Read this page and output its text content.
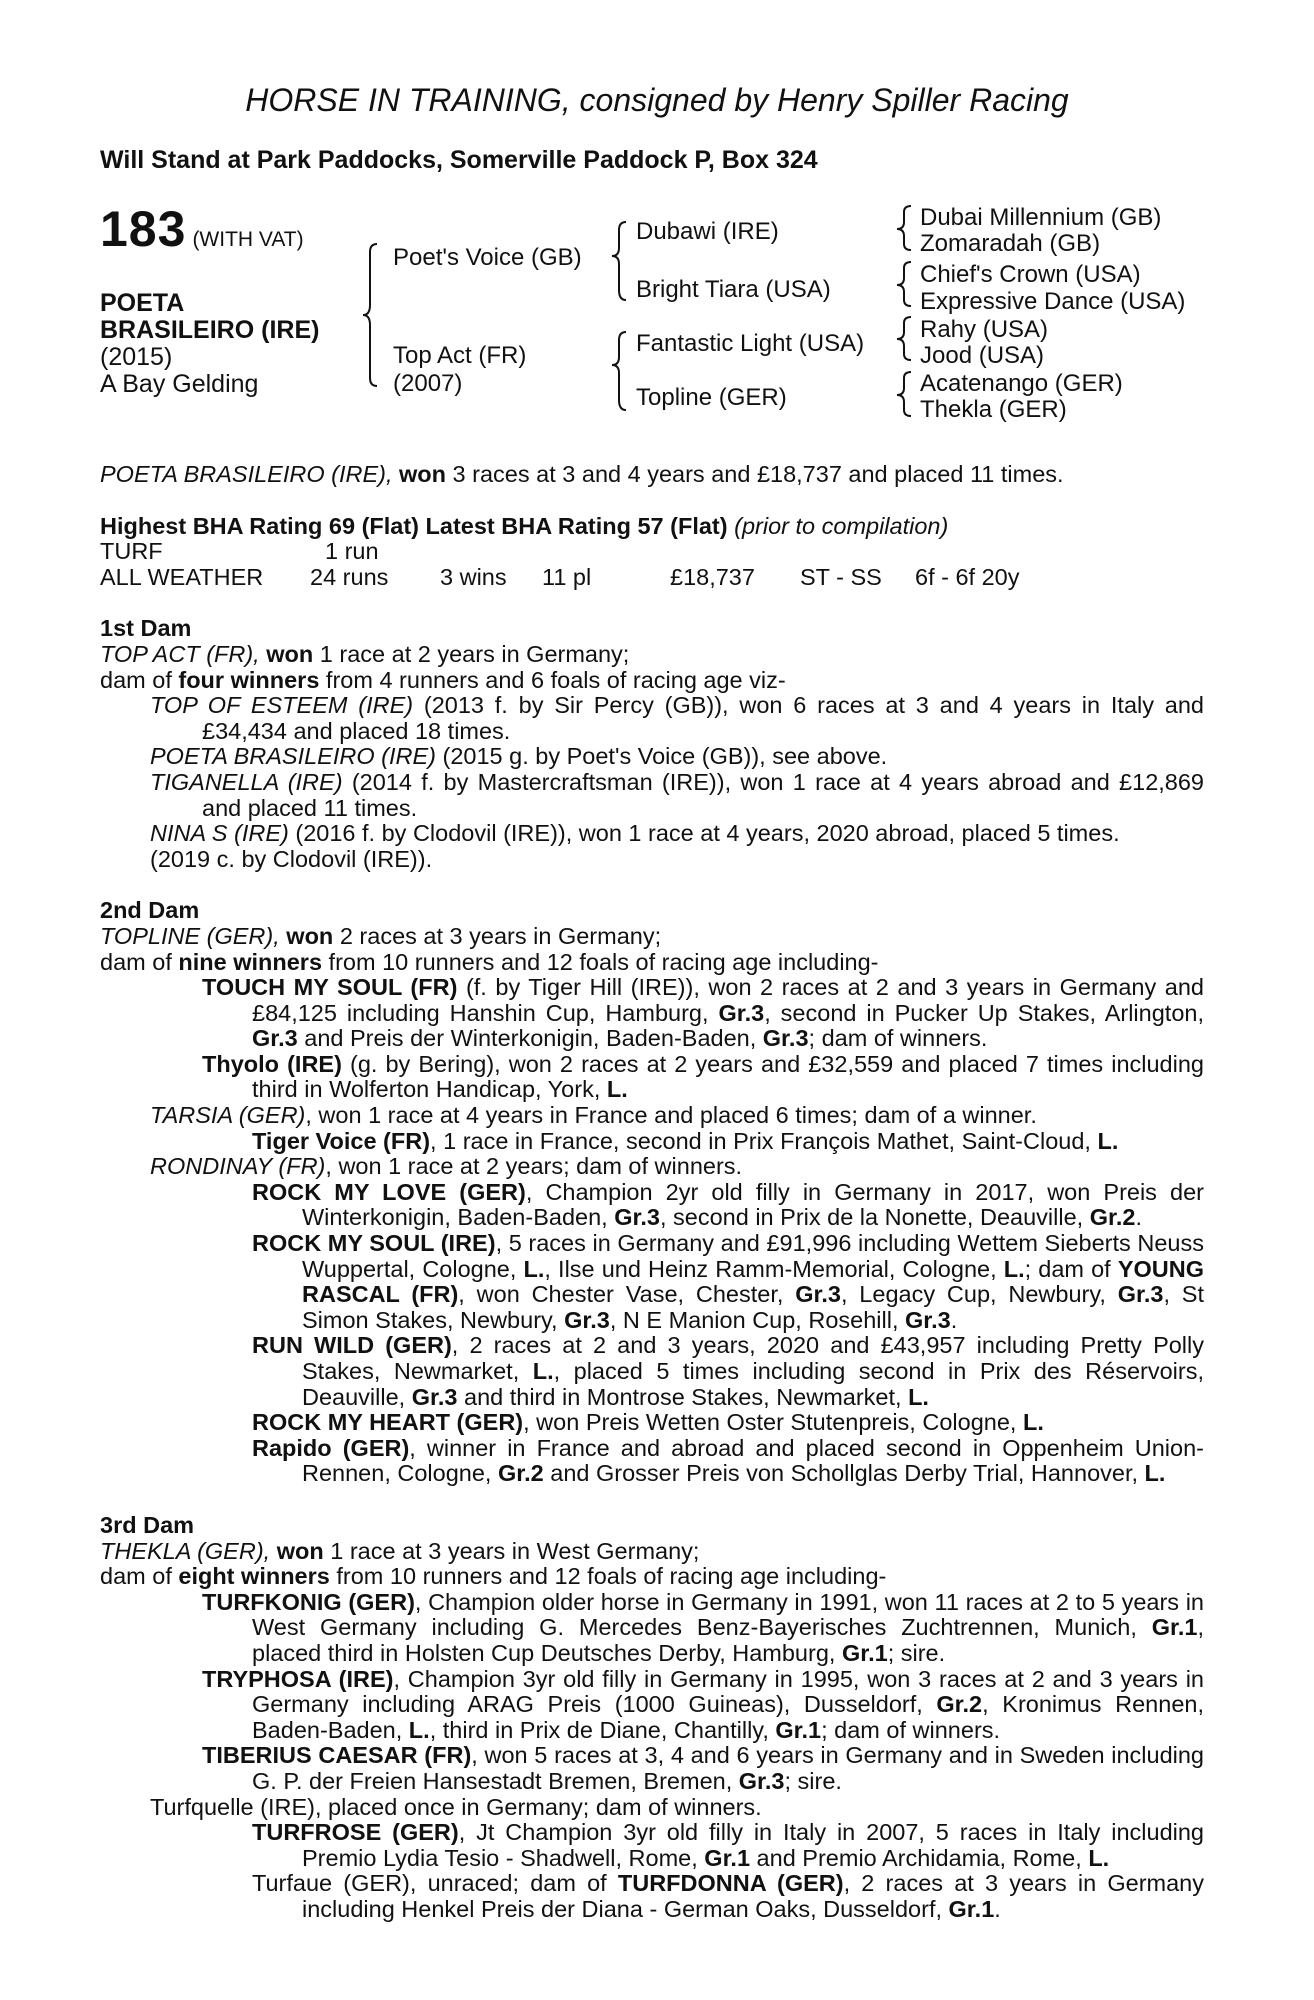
HORSE IN TRAINING, consigned by Henry Spiller Racing
Will Stand at Park Paddocks, Somerville Paddock P, Box 324
183 (WITH VAT)
POETA
BRASILEIRO (IRE)
(2015)
A Bay Gelding
Poet's Voice (GB)
Top Act (FR)
(2007)
Dubawi (IRE)
Bright Tiara (USA)
Fantastic Light (USA)
Topline (GER)
Dubai Millennium (GB)
Zomaradah (GB)
Chief's Crown (USA)
Expressive Dance (USA)
Rahy (USA)
Jood (USA)
Acatenango (GER)
Thekla (GER)

POETA BRASILEIRO (IRE), won 3 races at 3 and 4 years and £18,737 and placed 11 times.

Highest BHA Rating 69 (Flat) Latest BHA Rating 57 (Flat) (prior to compilation)

TURF	1 run
ALL WEATHER 24 runs 3 wins 11 pl	£18,737 ST - SS 6f - 6f 20y

1st Dam

TOP ACT (FR), won 1 race at 2 years in Germany;

dam of four winners from 4 runners and 6 foals of racing age viz-

TOP OF ESTEEM (IRE) (2013 f. by Sir Percy (GB)), won 6 races at 3 and 4 years in Italy and £34,434 and placed 18 times.

POETA BRASILEIRO (IRE) (2015 g. by Poet's Voice (GB)), see above.

TIGANELLA (IRE) (2014 f. by Mastercraftsman (IRE)), won 1 race at 4 years abroad and £12,869 and placed 11 times.

NINA S (IRE) (2016 f. by Clodovil (IRE)), won 1 race at 4 years, 2020 abroad, placed 5 times.

(2019 c. by Clodovil (IRE)).

2nd Dam

TOPLINE (GER), won 2 races at 3 years in Germany;

dam of nine winners from 10 runners and 12 foals of racing age including-

TOUCH MY SOUL (FR) (f. by Tiger Hill (IRE)), won 2 races at 2 and 3 years in Germany and £84,125 including Hanshin Cup, Hamburg, Gr.3, second in Pucker Up Stakes, Arlington, Gr.3 and Preis der Winterkonigin, Baden-Baden, Gr.3; dam of winners.

Thyolo (IRE) (g. by Bering), won 2 races at 2 years and £32,559 and placed 7 times including third in Wolferton Handicap, York, L.

TARSIA (GER), won 1 race at 4 years in France and placed 6 times; dam of a winner.

Tiger Voice (FR), 1 race in France, second in Prix François Mathet, Saint-Cloud, L.

RONDINAY (FR), won 1 race at 2 years; dam of winners.

ROCK MY LOVE (GER), Champion 2yr old filly in Germany in 2017, won Preis der Winterkonigin, Baden-Baden, Gr.3, second in Prix de la Nonette, Deauville, Gr.2.

ROCK MY SOUL (IRE), 5 races in Germany and £91,996 including Wettem Sieberts Neuss Wuppertal, Cologne, L., Ilse und Heinz Ramm-Memorial, Cologne, L.; dam of YOUNG RASCAL (FR), won Chester Vase, Chester, Gr.3, Legacy Cup, Newbury, Gr.3, St Simon Stakes, Newbury, Gr.3, N E Manion Cup, Rosehill, Gr.3.

RUN WILD (GER), 2 races at 2 and 3 years, 2020 and £43,957 including Pretty Polly Stakes, Newmarket, L., placed 5 times including second in Prix des Réservoirs, Deauville, Gr.3 and third in Montrose Stakes, Newmarket, L.

ROCK MY HEART (GER), won Preis Wetten Oster Stutenpreis, Cologne, L.

Rapido (GER), winner in France and abroad and placed second in Oppenheim Union-Rennen, Cologne, Gr.2 and Grosser Preis von Schollglas Derby Trial, Hannover, L.

3rd Dam

THEKLA (GER), won 1 race at 3 years in West Germany;

dam of eight winners from 10 runners and 12 foals of racing age including-

TURFKONIG (GER), Champion older horse in Germany in 1991, won 11 races at 2 to 5 years in West Germany including G. Mercedes Benz-Bayerisches Zuchtrennen, Munich, Gr.1, placed third in Holsten Cup Deutsches Derby, Hamburg, Gr.1; sire.

TRYPHOSA (IRE), Champion 3yr old filly in Germany in 1995, won 3 races at 2 and 3 years in Germany including ARAG Preis (1000 Guineas), Dusseldorf, Gr.2, Kronimus Rennen, Baden-Baden, L., third in Prix de Diane, Chantilly, Gr.1; dam of winners.

TIBERIUS CAESAR (FR), won 5 races at 3, 4 and 6 years in Germany and in Sweden including G. P. der Freien Hansestadt Bremen, Bremen, Gr.3; sire.

Turfquelle (IRE), placed once in Germany; dam of winners.

TURFROSE (GER), Jt Champion 3yr old filly in Italy in 2007, 5 races in Italy including Premio Lydia Tesio - Shadwell, Rome, Gr.1 and Premio Archidamia, Rome, L.

Turfaue (GER), unraced; dam of TURFDONNA (GER), 2 races at 3 years in Germany including Henkel Preis der Diana - German Oaks, Dusseldorf, Gr.1.
